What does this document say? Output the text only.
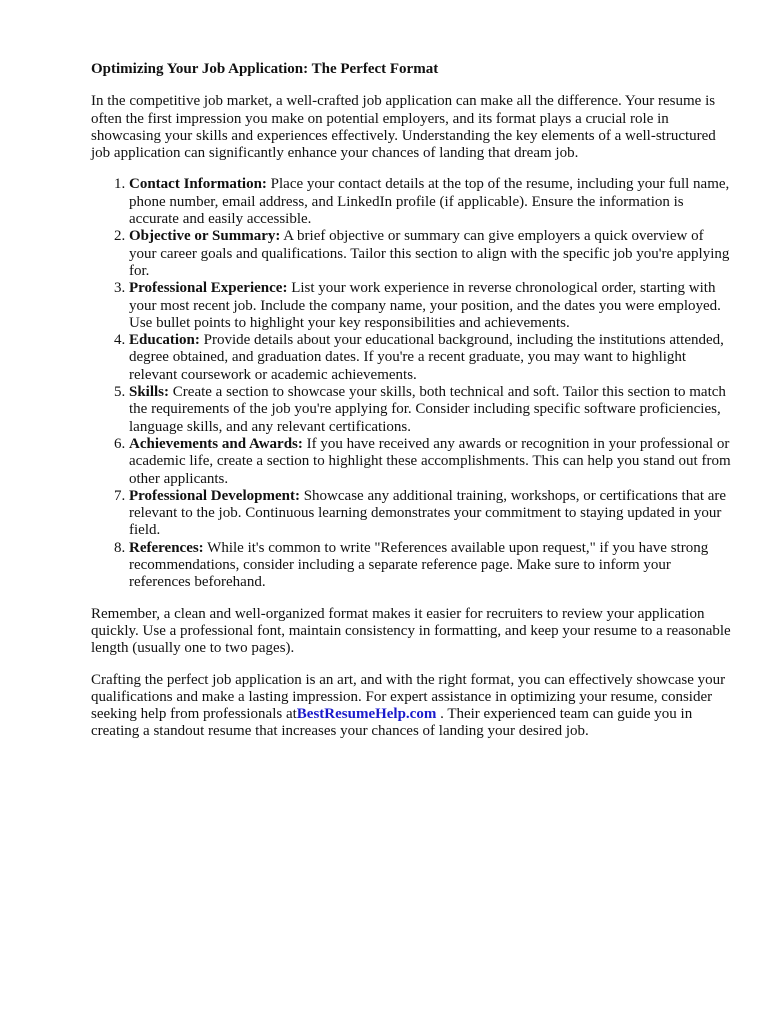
Optimizing Your Job Application: The Perfect Format

In the competitive job market, a well-crafted job application can make all the difference. Your resume is often the first impression you make on potential employers, and its format plays a crucial role in showcasing your skills and experiences effectively. Understanding the key elements of a well-structured job application can significantly enhance your chances of landing that dream job.

1. Contact Information: Place your contact details at the top of the resume, including your full name, phone number, email address, and LinkedIn profile (if applicable). Ensure the information is accurate and easily accessible.
2. Objective or Summary: A brief objective or summary can give employers a quick overview of your career goals and qualifications. Tailor this section to align with the specific job you're applying for.
3. Professional Experience: List your work experience in reverse chronological order, starting with your most recent job. Include the company name, your position, and the dates you were employed. Use bullet points to highlight your key responsibilities and achievements.
4. Education: Provide details about your educational background, including the institutions attended, degree obtained, and graduation dates. If you're a recent graduate, you may want to highlight relevant coursework or academic achievements.
5. Skills: Create a section to showcase your skills, both technical and soft. Tailor this section to match the requirements of the job you're applying for. Consider including specific software proficiencies, language skills, and any relevant certifications.
6. Achievements and Awards: If you have received any awards or recognition in your professional or academic life, create a section to highlight these accomplishments. This can help you stand out from other applicants.
7. Professional Development: Showcase any additional training, workshops, or certifications that are relevant to the job. Continuous learning demonstrates your commitment to staying updated in your field.
8. References: While it's common to write "References available upon request," if you have strong recommendations, consider including a separate reference page. Make sure to inform your references beforehand.

Remember, a clean and well-organized format makes it easier for recruiters to review your application quickly. Use a professional font, maintain consistency in formatting, and keep your resume to a reasonable length (usually one to two pages).

Crafting the perfect job application is an art, and with the right format, you can effectively showcase your qualifications and make a lasting impression. For expert assistance in optimizing your resume, consider seeking help from professionals atBestResumeHelp.com . Their experienced team can guide you in creating a standout resume that increases your chances of landing your desired job.
